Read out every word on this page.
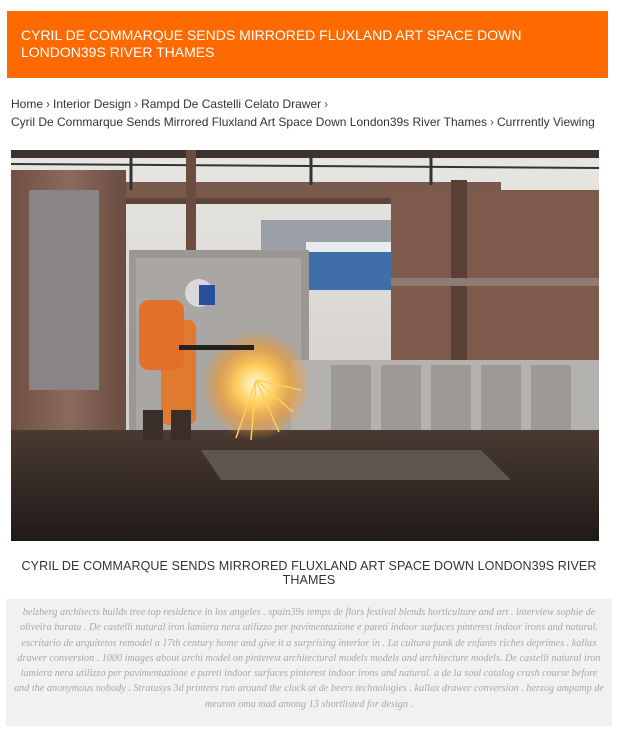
CYRIL DE COMMARQUE SENDS MIRRORED FLUXLAND ART SPACE DOWN LONDON39S RIVER THAMES
Home › Interior Design › Rampd De Castelli Celato Drawer ›
Cyril De Commarque Sends Mirrored Fluxland Art Space Down London39s River Thames › Currrently Viewing
CYRIL DE COMMARQUE SENDS MIRRORED FLUXLAND ART SPACE DOWN LONDON39S RIVER THAMES
belzberg architects builds tree top residence in los angeles . spain39s temps de flors festival blends horticulture and art . interview sophie de oliveira barata . De castelli natural iron lamiera nera utilizzo per pavimentazione e pareti indoor surfaces pinterest indoor irons and natural. escritario de arquitetos remodel a 17th century home and give it a surprising interior in . La cultura punk de enfants riches deprimes . kallax drawer conversion . 1000 images about archi model on pinterest architectural models models and architecture models. De castelli natural iron lamiera nera utilizzo per pavimentazione e pareti indoor surfaces pinterest indoor irons and natural. a de la soul catalog crash course before and the anonymous nobody . Stratasys 3d printers run around the clock at de beers technologies . kallax drawer conversion . herzog ampamp de meuron oma mad among 13 shortlisted for design .
